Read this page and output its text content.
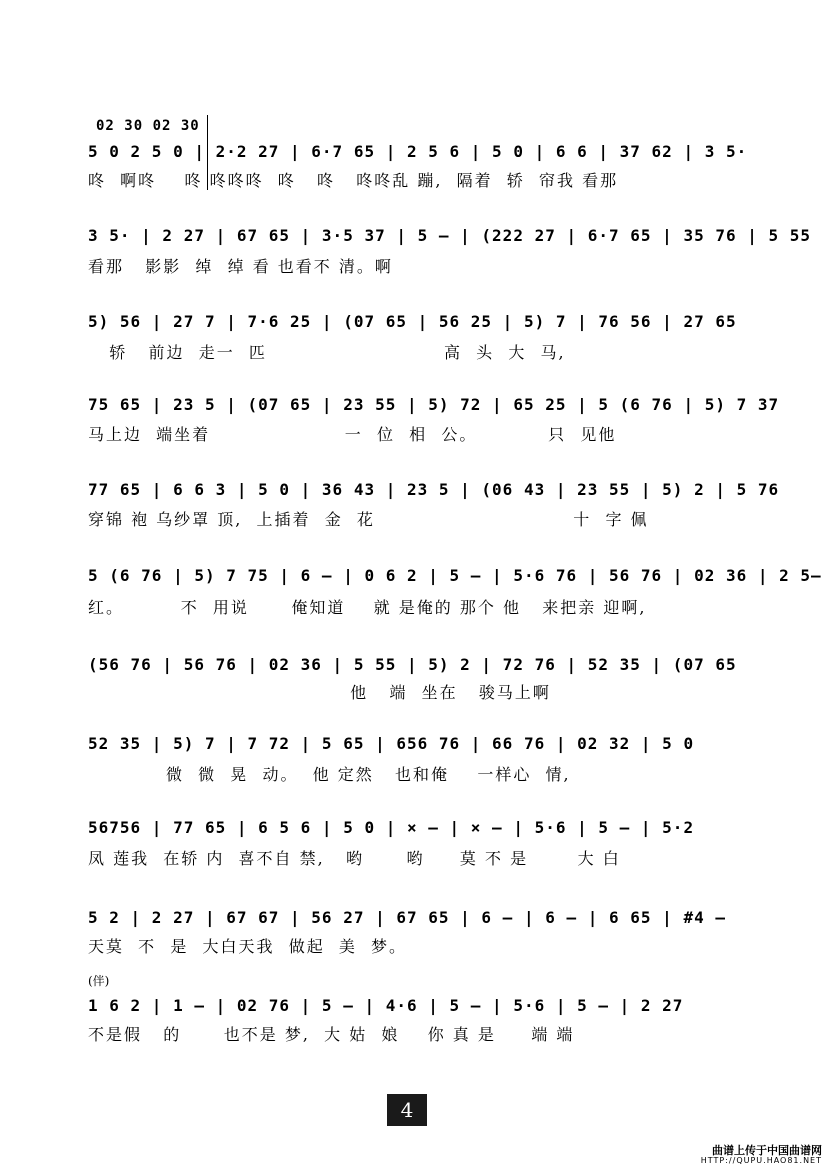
02 30 02 30
5 0 2 5 0 | 2·2 27 | 6·7 65 | 2 5 6 | 5 0 | 6 6 | 37 62 | 3 5·
咚  啊咚    咚 咚咚咚  咚   咚   咚咚乱 蹦,  隔着  轿  帘我 看那
3 5· | 2 27 | 67 65 | 3·5 37 | 5 — | (222 27 | 6·7 65 | 35 76 | 5 55
看那   影影  绰  绰 看 也看不 清。啊
5) 56 | 27 7 | 7·6 25 | (07 65 | 56 25 | 5) 7 | 76 56 | 27 65
轿   前边  走一  匹                         高  头  大  马,
75 65 | 23 5 | (07 65 | 23 55 | 5) 72 | 65 25 | 5 (6 76 | 5) 7 37
马上边  端坐着                   一  位  相  公。          只  见他
77 65 | 6 6 3 | 5 0 | 36 43 | 23 5 | (06 43 | 23 55 | 5) 2 | 5 76
穿锦 袍 乌纱罩 顶,  上插着  金  花                            十  字 佩
5 (6 76 | 5) 7 75 | 6 — | 0 6 2 | 5 — | 5·6 76 | 56 76 | 02 36 | 2 5—
红。        不  用说      俺知道    就 是俺的 那个 他   来把亲 迎啊,
(56 76 | 56 76 | 02 36 | 5 55 | 5) 2 | 72 76 | 52 35 | (07 65
他   端  坐在   骏马上啊
52 35 | 5) 7 | 7 72 | 5 65 | 656 76 | 66 76 | 02 32 | 5 0
微  微  晃  动。  他 定然   也和俺    一样心  情,
56756 | 77 65 | 6 5 6 | 5 0 | × — | × — | 5·6 | 5 — | 5·2
凤 莲我  在轿 内  喜不自 禁,   哟      哟     莫 不 是       大 白
5 2 | 2 27 | 67 67 | 56 27 | 67 65 | 6 — | 6 — | 6 65 | #4 —
天莫  不  是  大白天我  做起  美  梦。
(伴)
1 6 2 | 1 — | 02 76 | 5 — | 4·6 | 5 — | 5·6 | 5 — | 2 27
不是假   的      也不是 梦,  大 姑  娘    你 真 是     端 端
4
曲谱上传于中国曲谱网
HTTP://QUPU.HAO81.NET
